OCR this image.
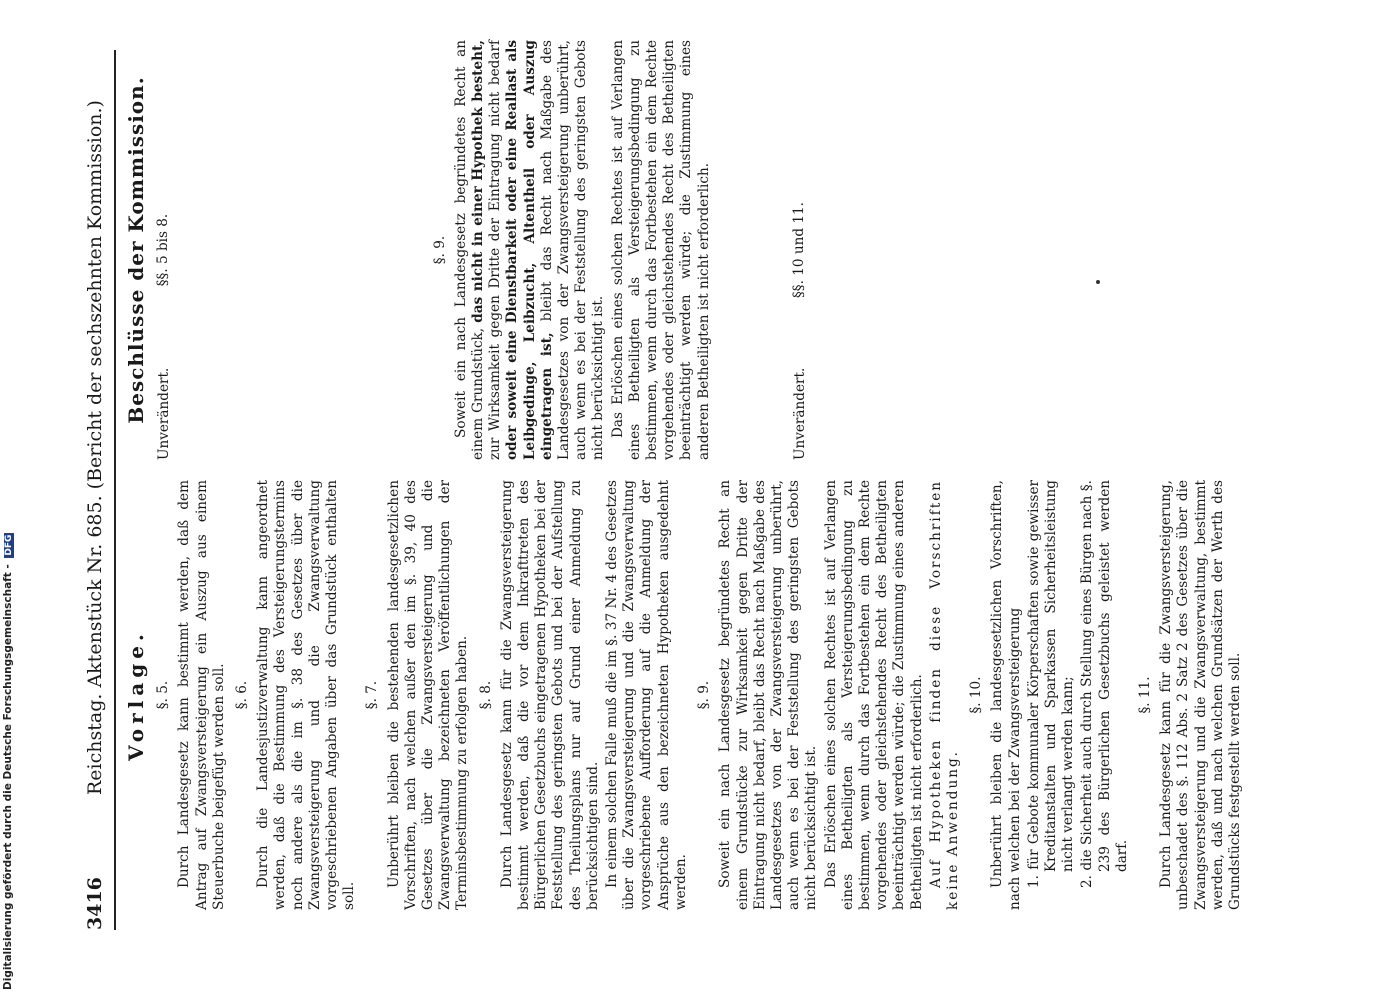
Digitalisierung gefördert durch die Deutsche Forschungsgemeinschaft - DFG
3416
Reichstag. Aktenstück Nr. 685. (Bericht der sechszehnten Kommission.) Vorlage. §. 5. Durch Landesgesetz kann bestimmt werden, daß dem Antrag auf Zwangsversteigerung ein Auszug aus einem Steuerbuche beigefügt werden soll. §. 6. Durch die Landesjustizverwaltung kann angeordnet werden, daß die Bestimmung des Versteigerungstermins noch andere als die im §. 38 des Gesetzes über die Zwangsversteigerung und die Zwangsverwaltung vorgeschriebenen Angaben über das Grundstück enthalten soll.

§. 7. Unberührt bleiben die bestehenden landesgesetzlichen Vorschriften, nach welchen außer den im §. 39, 40 des Gesetzes über die Zwangsversteigerung und die Zwangsverwaltung bezeichneten Veröffentlichungen der Terminsbestimmung zu erfolgen haben. §. 8. Durch Landesgesetz kann für die Zwangsversteigerung bestimmt werden, daß die vor dem Inkrafttreten des Bürgerlichen Gesetzbuchs eingetragenen Hypotheken bei der Feststellung des geringsten Gebots und bei der Aufstellung des Theilungsplans nur auf Grund einer Anmeldung zu berücksichtigen sind. In einem solchen Falle muß die im §. 37 Nr. 4 des Gesetzes über die Zwangsversteigerung und die Zwangsverwaltung vorgeschriebene Aufforderung auf die Anmeldung der Ansprüche aus den bezeichneten Hypotheken ausgedehnt werden.

§. 9. Soweit ein nach Landesgesetz begründetes Recht an einem Grundstücke zur Wirksamkeit gegen Dritte der Eintragung nicht bedarf, bleibt das Recht nach Maßgabe des Landesgesetzes von der Zwangsversteigerung unberührt, auch wenn es bei der Feststellung des geringsten Gebots nicht berücksichtigt ist. Das Erlöschen eines solchen Rechtes ist auf Verlangen eines Betheiligten als Versteigerungsbedingung zu bestimmen, wenn durch das Fortbestehen ein dem Rechte vorgehendes oder gleichstehendes Recht des Betheiligten beeinträchtigt werden würde; die Zustimmung eines anderen Betheiligten ist nicht erforderlich. Auf Hypotheken finden diese Vorschriften keine Anwendung.

§. 10. Unberührt bleiben die landesgesetzlichen Vorschriften, nach welchen bei der Zwangsversteigerung 1. für Gebote kommunaler Körperschaften sowie gewisser Kreditanstalten und Sparkassen Sicherheitsleistung nicht verlangt werden kann; 2. die Sicherheit auch durch Stellung eines Bürgen nach §. 239 des Bürgerlichen Gesetzbuchs geleistet werden darf.

§. 11. Durch Landesgesetz kann für die Zwangsversteigerung, unbeschadet des §. 112 Abs. 2 Satz 2 des Gesetzes über die Zwangsversteigerung und die Zwangsverwaltung, bestimmt werden, daß und nach welchen Grundsätzen der Werth des Grundstücks festgestellt werden soll.

Beschlüsse der Kommission. §§. 5 bis 8.

Unverändert.

§. 9. Soweit ein nach Landesgesetz begründetes Recht an einem Grundstück, das nicht in einer Hypothek besteht, zur Wirksamkeit gegen Dritte der Eintragung nicht bedarf oder soweit eine Dienstbarkeit oder eine Reallast als Leibgedinge, Leibzucht, Altentheil oder Auszug eingetragen ist, bleibt das Recht nach Maßgabe des Landesgesetzes von der Zwangsversteigerung unberührt, auch wenn es bei der Feststellung des geringsten Gebots nicht berücksichtigt ist. Das Erlöschen eines solchen Rechtes ist auf Verlangen eines Betheiligten als Versteigerungsbedingung zu bestimmen, wenn durch das Fortbestehen ein dem Rechte vorgehendes oder gleichstehendes Recht des Betheiligten beeinträchtigt werden würde; die Zustimmung eines anderen Betheiligten ist nicht erforderlich.	§§. 10 und 11.

Unverändert.
